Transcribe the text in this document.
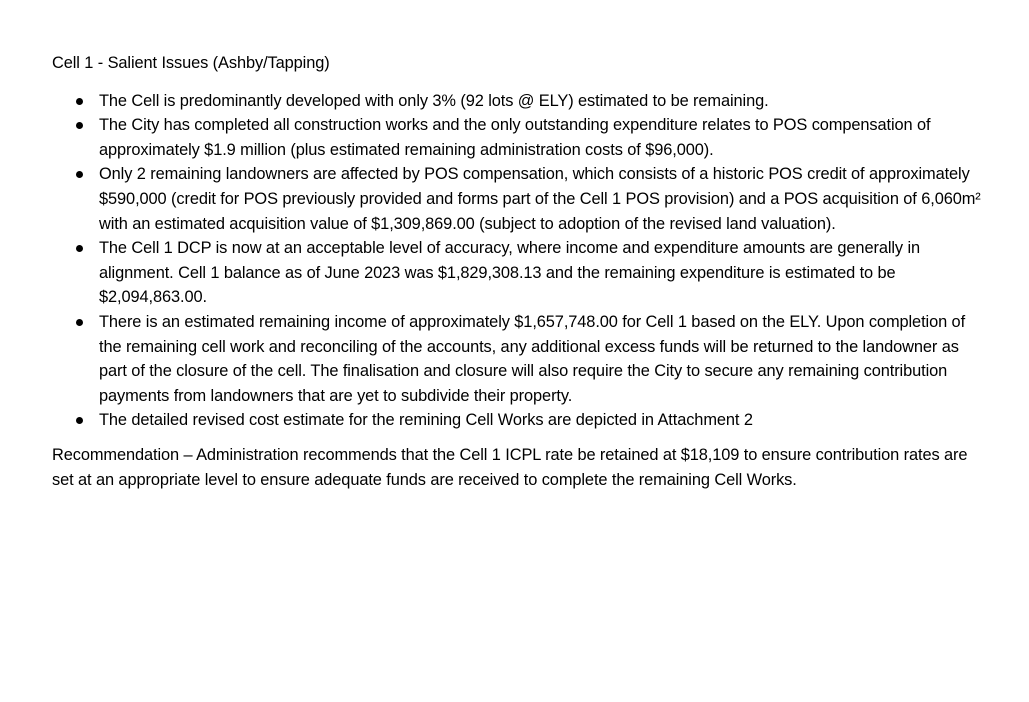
Cell 1 - Salient Issues (Ashby/Tapping)

The Cell is predominantly developed with only 3% (92 lots @ ELY) estimated to be remaining.
The City has completed all construction works and the only outstanding expenditure relates to POS compensation of approximately $1.9 million (plus estimated remaining administration costs of $96,000).
Only 2 remaining landowners are affected by POS compensation, which consists of a historic POS credit of approximately $590,000 (credit for POS previously provided and forms part of the Cell 1 POS provision) and a POS acquisition of 6,060m² with an estimated acquisition value of $1,309,869.00 (subject to adoption of the revised land valuation).
The Cell 1 DCP is now at an acceptable level of accuracy, where income and expenditure amounts are generally in alignment. Cell 1 balance as of June 2023 was $1,829,308.13 and the remaining expenditure is estimated to be $2,094,863.00.
There is an estimated remaining income of approximately $1,657,748.00 for Cell 1 based on the ELY. Upon completion of the remaining cell work and reconciling of the accounts, any additional excess funds will be returned to the landowner as part of the closure of the cell. The finalisation and closure will also require the City to secure any remaining contribution payments from landowners that are yet to subdivide their property.
The detailed revised cost estimate for the remining Cell Works are depicted in Attachment 2

Recommendation – Administration recommends that the Cell 1 ICPL rate be retained at $18,109 to ensure contribution rates are set at an appropriate level to ensure adequate funds are received to complete the remaining Cell Works.
